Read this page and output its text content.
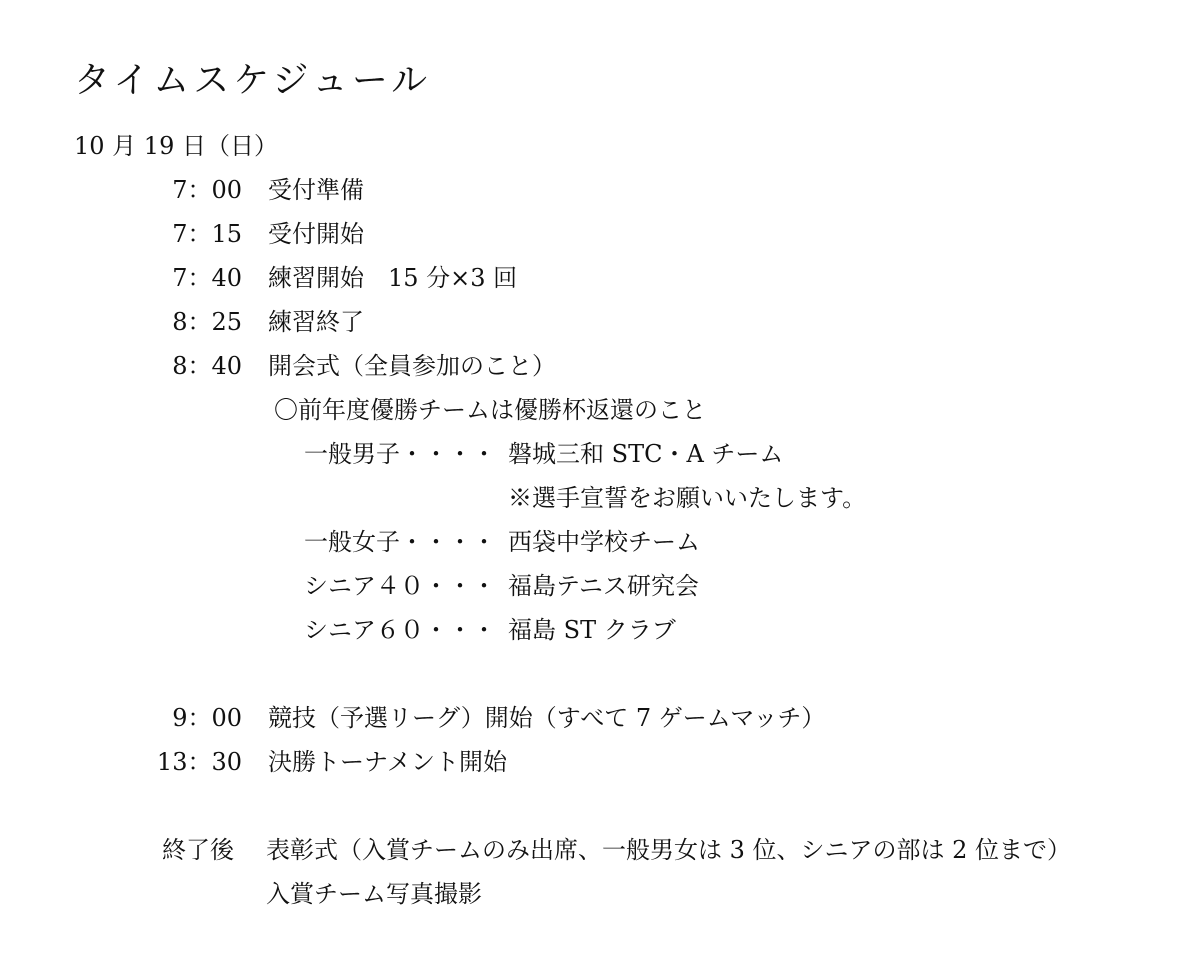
タイムスケジュール
10 月 19 日（日）
7：00 受付準備
7：15 受付開始
7：40 練習開始　15 分×3 回
8：25 練習終了
8：40 開会式（全員参加のこと）
〇前年度優勝チームは優勝杯返還のこと
一般男子・・・・ 磐城三和 STC・A チーム
※選手宣誓をお願いいたします。
一般女子・・・・ 西袋中学校チーム
シニア４０・・・ 福島テニス研究会
シニア６０・・・ 福島 ST クラブ
9：00 競技（予選リーグ）開始（すべて 7 ゲームマッチ）
13：30 決勝トーナメント開始
終了後 表彰式（入賞チームのみ出席、一般男女は 3 位、シニアの部は 2 位まで）
入賞チーム写真撮影
